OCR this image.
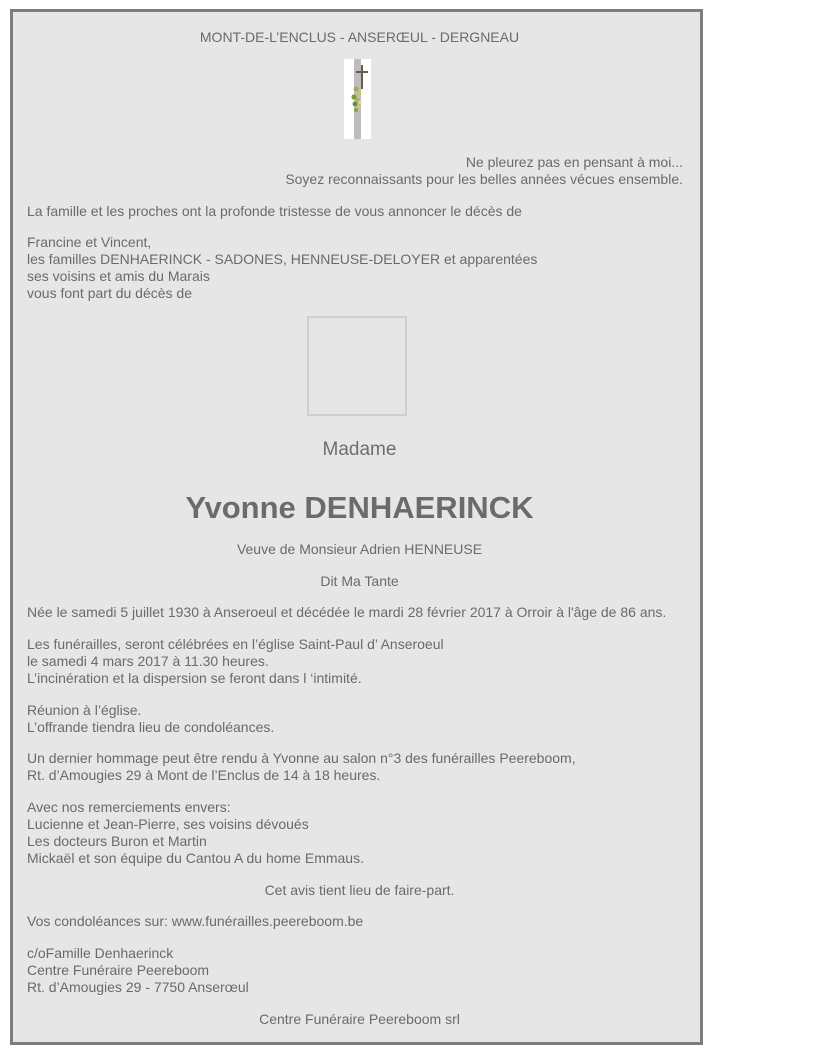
MONT-DE-L’ENCLUS - ANSERŒUL - DERGNEAU
Ne pleurez pas en pensant à moi...
Soyez reconnaissants pour les belles années vécues ensemble.
La famille et les proches ont la profonde tristesse de vous annoncer le décès de
Francine et Vincent,
les familles DENHAERINCK - SADONES, HENNEUSE-DELOYER et apparentées
ses voisins et amis du Marais
vous font part du décès de
Madame
Yvonne DENHAERINCK
Veuve de Monsieur Adrien HENNEUSE
Dit Ma Tante
Née le samedi 5 juillet 1930 à Anseroeul et décédée le mardi 28 février 2017 à Orroir à l'âge de 86 ans.
Les funérailles, seront célébrées en l’église Saint-Paul d’ Anseroeul
le samedi 4 mars 2017 à 11.30 heures.
L’incinération et la dispersion se feront dans l ‘intimité.
Réunion à l’église.
L’offrande tiendra lieu de condoléances.
Un dernier hommage peut être rendu à Yvonne au salon n°3 des funérailles Peereboom,
Rt. d’Amougies 29 à Mont de l’Enclus de 14 à 18 heures.
Avec nos remerciements envers:
Lucienne et Jean-Pierre, ses voisins dévoués
Les docteurs Buron et Martin
Mickaël et son équipe du Cantou A du home Emmaus.
Cet avis tient lieu de faire-part.
Vos condoléances sur: www.funérailles.peereboom.be
c/oFamille Denhaerinck
Centre Funéraire Peereboom
Rt. d’Amougies 29 - 7750 Anserœul
Centre Funéraire Peereboom srl
